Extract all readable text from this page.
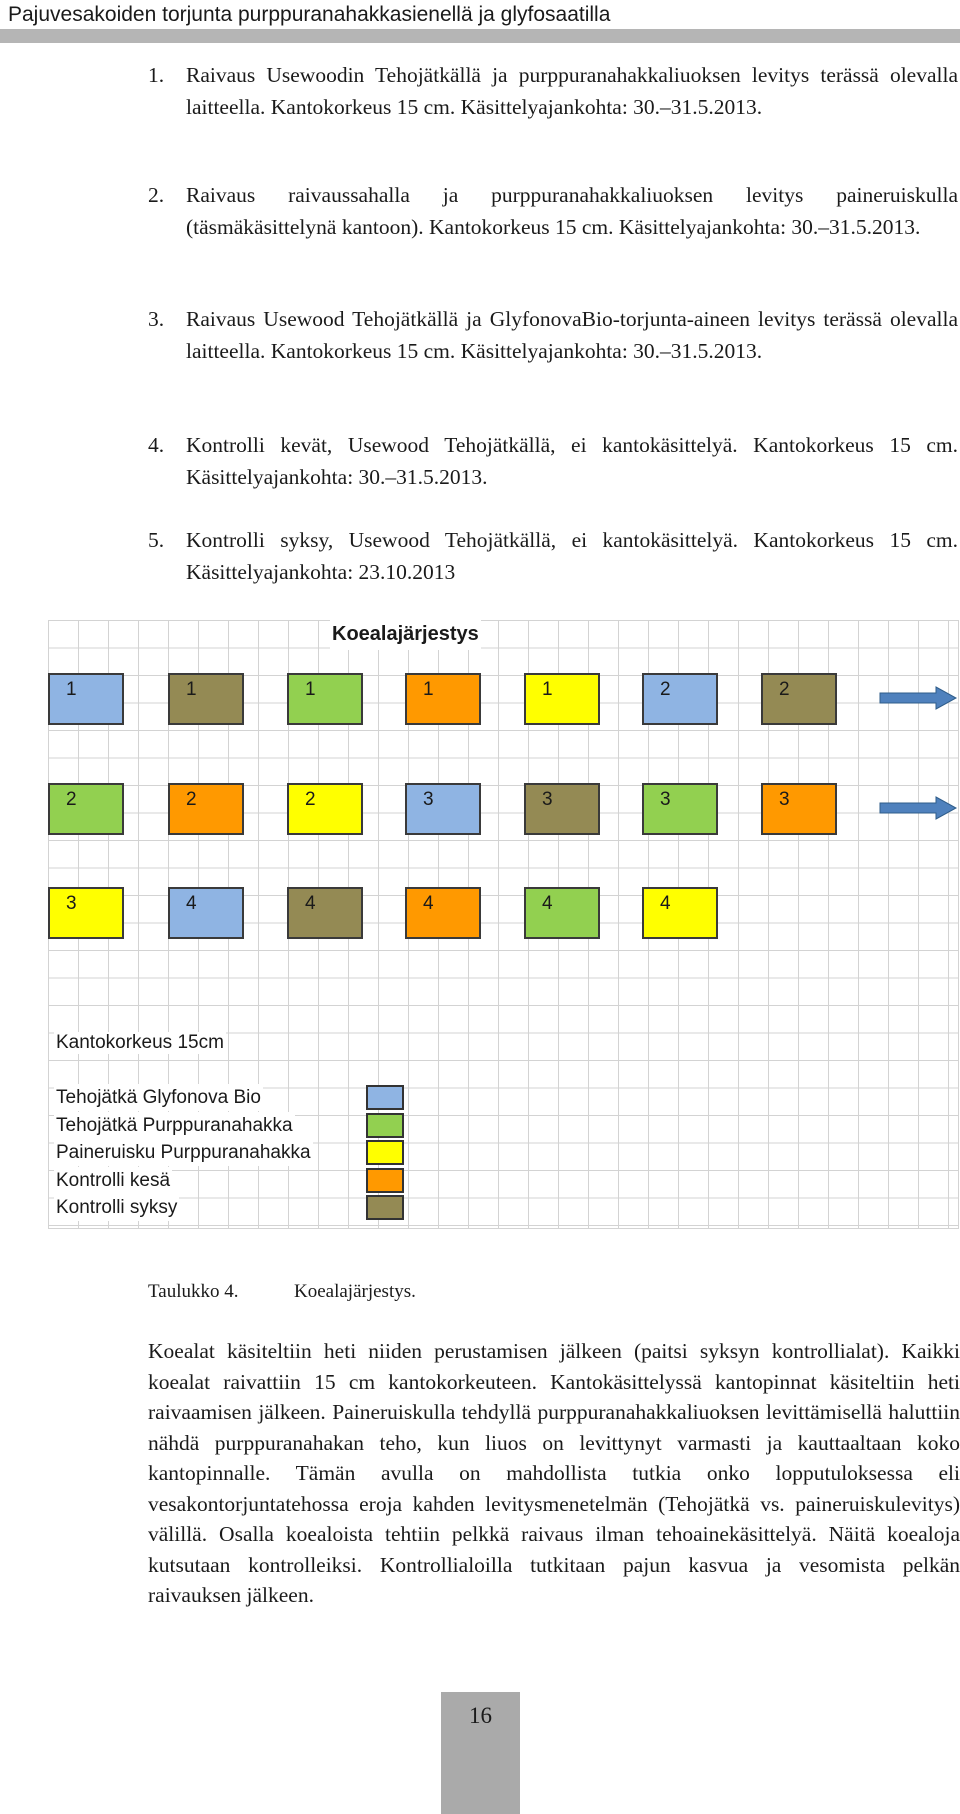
Pajuvesakoiden torjunta purppuranahakkasienellä ja glyfosaatilla
1.	Raivaus Usewoodin Tehojätkällä ja purppuranahakkaliuoksen levitys terässä olevalla laitteella. Kantokorkeus 15 cm. Käsittelyajankohta: 30.–31.5.2013.
2.	Raivaus raivaussahalla ja purppuranahakkaliuoksen levitys paineruiskulla (täsmäkäsittelynä kantoon). Kantokorkeus 15 cm. Käsittelyajankohta: 30.–31.5.2013.
3.	Raivaus Usewood Tehojätkällä ja GlyfonovaBio-torjunta-aineen levitys terässä olevalla laitteella. Kantokorkeus 15 cm. Käsittelyajankohta: 30.–31.5.2013.
4.	Kontrolli kevät, Usewood Tehojätkällä, ei kantokäsittelyä. Kantokorkeus 15 cm. Käsittelyajankohta: 30.–31.5.2013.
5.	Kontrolli syksy, Usewood Tehojätkällä, ei kantokäsittelyä. Kantokorkeus 15 cm. Käsittelyajankohta: 23.10.2013
Koealajärjestys
1	1	1	1	1	2	2
2	2	2	3	3	3	3
3	4	4	4	4	4
Kantokorkeus 15cm
Tehojätkä Glyfonova Bio
Tehojätkä Purppuranahakka
Paineruisku Purppuranahakka
Kontrolli kesä
Kontrolli syksy
Taulukko 4.	Koealajärjestys.
Koealat käsiteltiin heti niiden perustamisen jälkeen (paitsi syksyn kontrollialat). Kaikki koealat raivattiin 15 cm kantokorkeuteen. Kantokäsittelyssä kantopinnat käsiteltiin heti raivaamisen jälkeen. Paineruiskulla tehdyllä purppuranahakkaliuoksen levittämisellä haluttiin nähdä purppuranahakan teho, kun liuos on levittynyt varmasti ja kauttaaltaan koko kantopinnalle. Tämän avulla on mahdollista tutkia onko lopputuloksessa eli vesakontorjuntatehossa eroja kahden levitysmenetelmän (Tehojätkä vs. paineruiskulevitys) välillä. Osalla koealoista tehtiin pelkkä raivaus ilman tehoainekäsittelyä. Näitä koealoja kutsutaan kontrolleiksi. Kontrollialoilla tutkitaan pajun kasvua ja vesomista pelkän raivauksen jälkeen.
16
